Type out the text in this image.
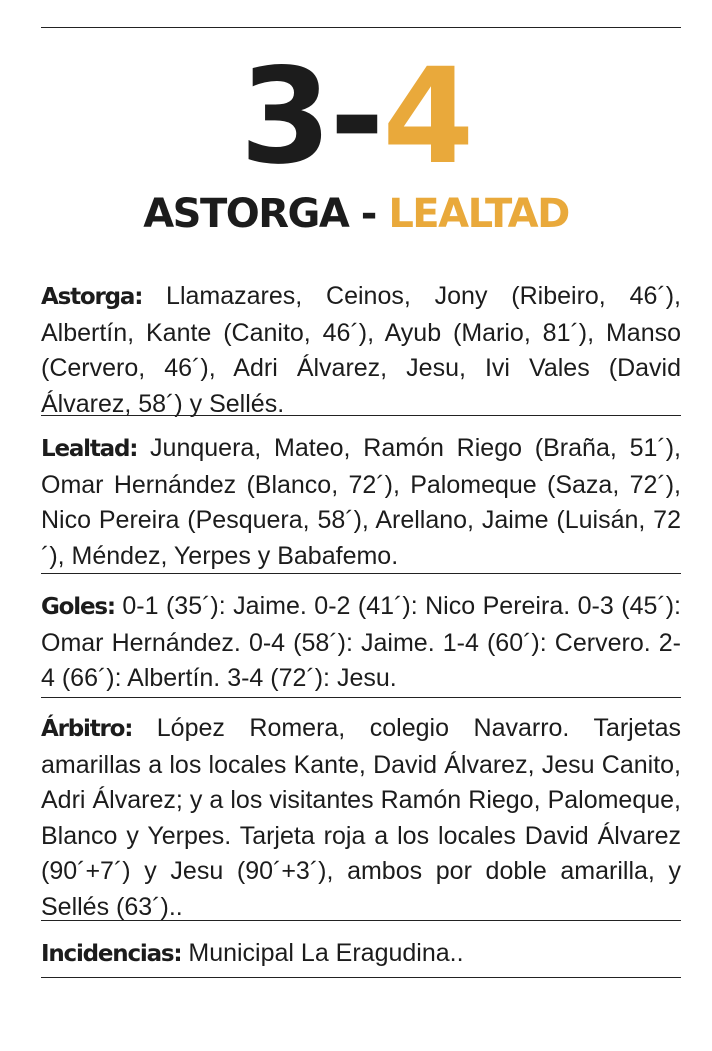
3-4
ASTORGA - LEALTAD
Astorga: Llamazares, Ceinos, Jony (Ribeiro, 46´), Albertín, Kante (Canito, 46´), Ayub (Mario, 81´), Manso (Cervero, 46´), Adri Álvarez, Jesu, Ivi Vales (David Álvarez, 58´) y Sellés.
Lealtad: Junquera, Mateo, Ramón Riego (Braña, 51´), Omar Hernández (Blanco, 72´), Palomeque (Saza, 72´), Nico Pereira (Pesquera, 58´), Arellano, Jaime (Luisán, 72´), Méndez, Yerpes y Babafemo.
Goles: 0-1 (35´): Jaime. 0-2 (41´): Nico Pereira. 0-3 (45´): Omar Hernández. 0-4 (58´): Jaime. 1-4 (60´): Cervero. 2-4 (66´): Albertín. 3-4 (72´): Jesu.
Árbitro: López Romera, colegio Navarro. Tarjetas amarillas a los locales Kante, David Álvarez, Jesu Canito, Adri Álvarez; y a los visitantes Ramón Riego, Palomeque, Blanco y Yerpes. Tarjeta roja a los locales David Álvarez (90´+7´) y Jesu (90´+3´), ambos por doble amarilla, y Sellés (63´)..
Incidencias: Municipal La Eragudina..
